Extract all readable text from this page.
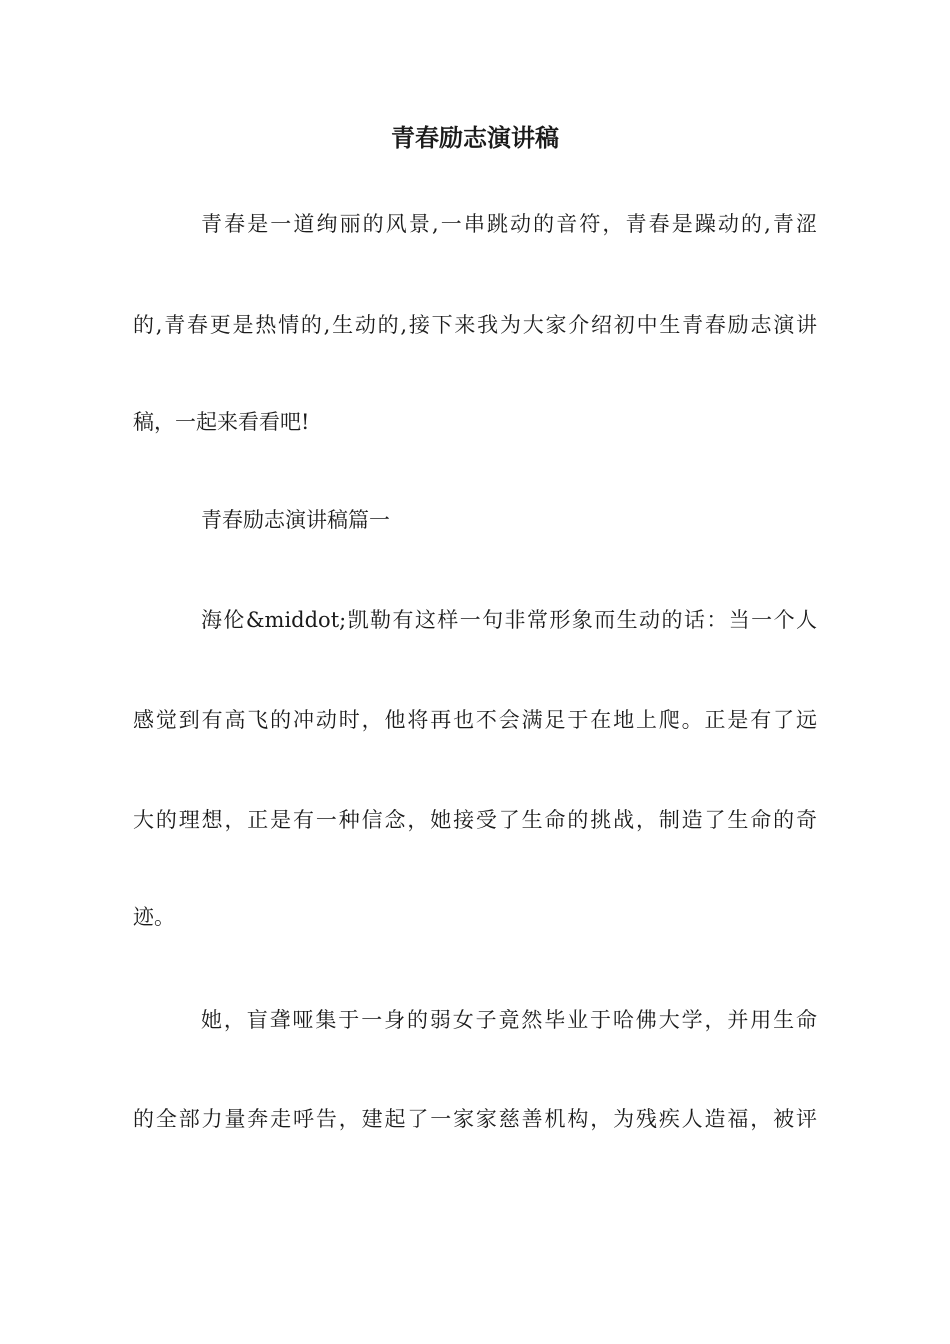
青春励志演讲稿

青春是一道绚丽的风景,一串跳动的音符，青春是躁动的,青涩

的,青春更是热情的,生动的,接下来我为大家介绍初中生青春励志演讲

稿，一起来看看吧!

青春励志演讲稿篇一

海伦&middot;凯勒有这样一句非常形象而生动的话：当一个人

感觉到有高飞的冲动时，他将再也不会满足于在地上爬。正是有了远

大的理想，正是有一种信念，她接受了生命的挑战，制造了生命的奇

迹。

她，盲聋哑集于一身的弱女子竟然毕业于哈佛大学，并用生命

的全部力量奔走呼告，建起了一家家慈善机构，为残疾人造福，被评
